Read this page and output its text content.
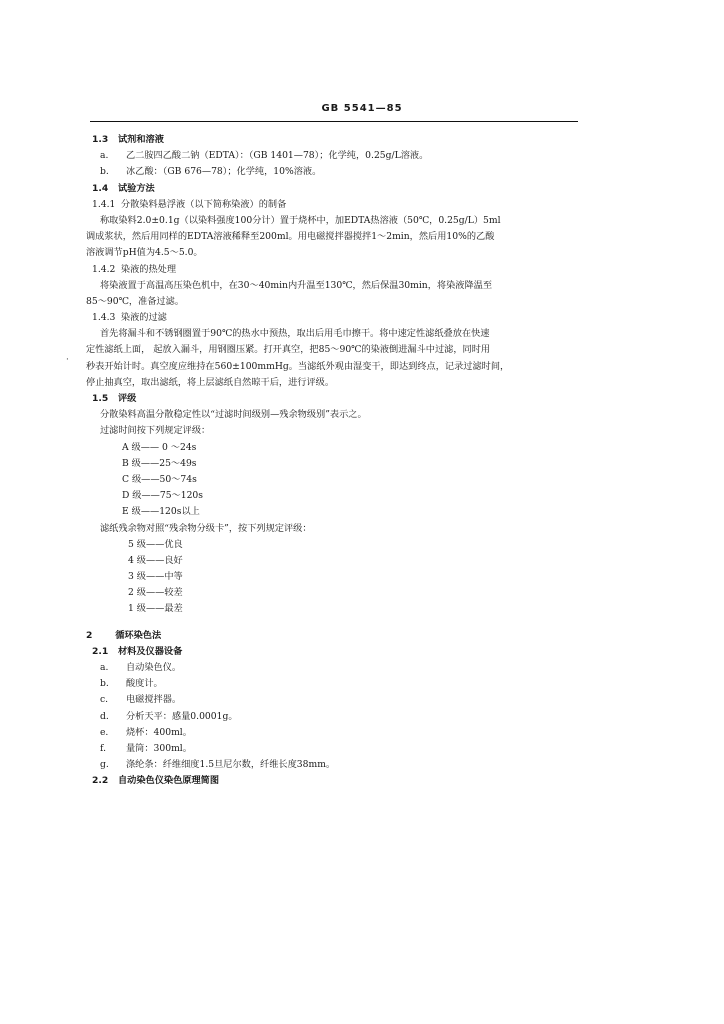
GB 5541—85
·
1.3 试剂和溶液
a. 乙二胺四乙酸二钠（EDTA）：（GB 1401—78）；化学纯，0.25g/L溶液。
b. 冰乙酸：（GB 676—78）；化学纯，10%溶液。
1.4 试验方法
1.4.1 分散染料悬浮液（以下简称染液）的制备
称取染料2.0±0.1g（以染料强度100分计）置于烧杯中，加EDTA热溶液（50℃，0.25g/L）5ml
调成浆状，然后用同样的EDTA溶液稀释至200ml。用电磁搅拌器搅拌1～2min，然后用10%的乙酸
溶液调节pH值为4.5～5.0。
1.4.2 染液的热处理
将染液置于高温高压染色机中，在30～40min内升温至130℃，然后保温30min，将染液降温至
85～90℃，准备过滤。
1.4.3 染液的过滤
首先将漏斗和不锈钢圈置于90℃的热水中预热，取出后用毛巾擦干。将中速定性滤纸叠放在快速
定性滤纸上面， 起放入漏斗，用钢圈压紧。打开真空，把85～90℃的染液倒进漏斗中过滤，同时用
秒表开始计时。真空度应维持在560±100mmHg。当滤纸外观由湿变干，即达到终点，记录过滤时间，
停止抽真空，取出滤纸，将上层滤纸自然晾干后，进行评级。
1.5 评级
分散染料高温分散稳定性以“过滤时间级别—残余物级别”表示之。
过滤时间按下列规定评级：
A 级—— 0 ～24s
B 级——25～49s
C 级——50～74s
D 级——75～120s
E 级——120s以上
滤纸残余物对照“残余物分级卡”，按下列规定评级：
5 级——优良
4 级——良好
3 级——中等
2 级——较差
1 级——最差
2 循环染色法
2.1 材料及仪器设备
a. 自动染色仪。
b. 酸度计。
c. 电磁搅拌器。
d. 分析天平：感量0.0001g。
e. 烧杯：400ml。
f. 量筒：300ml。
g. 涤纶条：纤维细度1.5旦尼尔数，纤维长度38mm。
2.2 自动染色仪染色原理简图
